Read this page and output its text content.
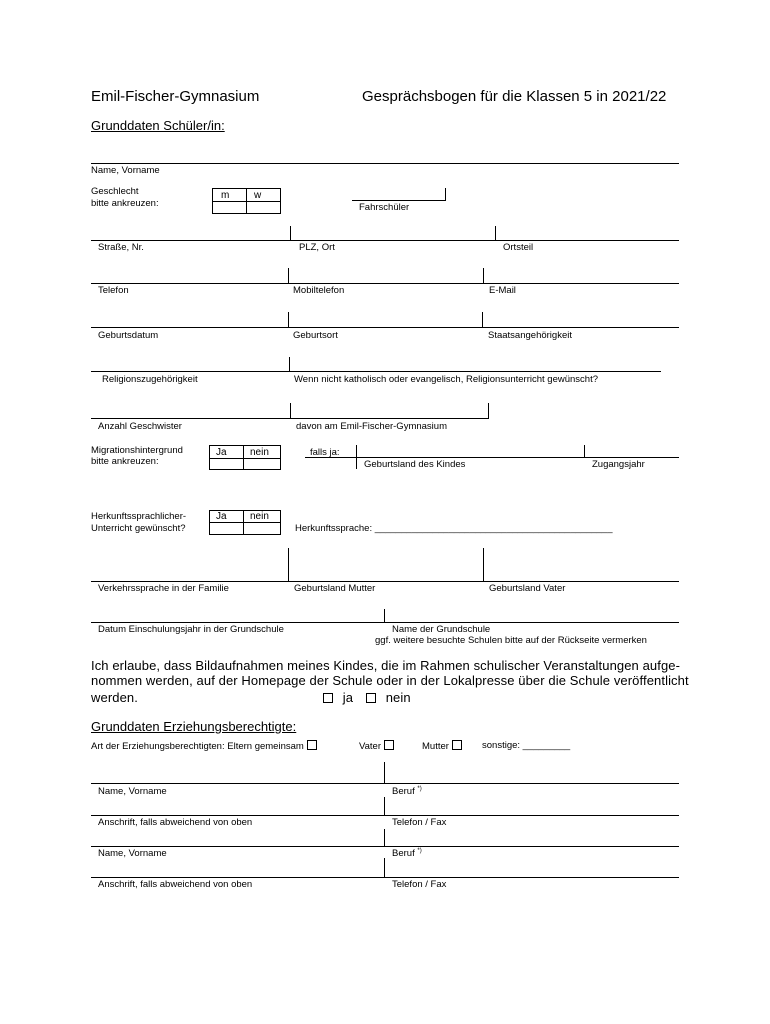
Emil-Fischer-Gymnasium	Gesprächsbogen für die Klassen 5 in 2021/22
Grunddaten Schüler/in:
Name, Vorname
Geschlecht
bitte ankreuzen:
m w
Fahrschüler
Straße, Nr.	PLZ, Ort	Ortsteil
Telefon	Mobiltelefon	E-Mail
Geburtsdatum	Geburtsort	Staatsangehörigkeit
Religionszugehörigkeit	Wenn nicht katholisch oder evangelisch, Religionsunterricht gewünscht?
Anzahl Geschwister	davon am Emil-Fischer-Gymnasium
Migrationshintergrund
bitte ankreuzen:
Ja nein	falls ja:
Geburtsland des Kindes	Zugangsjahr
Herkunftssprachlicher-
Unterricht gewünscht?
Ja nein
Herkunftssprache: _____________________________________________
Verkehrssprache in der Familie	Geburtsland Mutter	Geburtsland Vater
Datum Einschulungsjahr in der Grundschule	Name der Grundschule
ggf. weitere besuchte Schulen bitte auf der Rückseite vermerken
Ich erlaube, dass Bildaufnahmen meines Kindes, die im Rahmen schulischer Veranstaltungen aufge-
nommen werden, auf der Homepage der Schule oder in der Lokalpresse über die Schule veröffentlicht
werden.	ja	nein
Grunddaten Erziehungsberechtigte:
Art der Erziehungsberechtigten: Eltern gemeinsam	Vater	Mutter	sonstige: _________
Name, Vorname	Beruf *)
Anschrift, falls abweichend von oben	Telefon / Fax
Name, Vorname	Beruf *)
Anschrift, falls abweichend von oben	Telefon / Fax
